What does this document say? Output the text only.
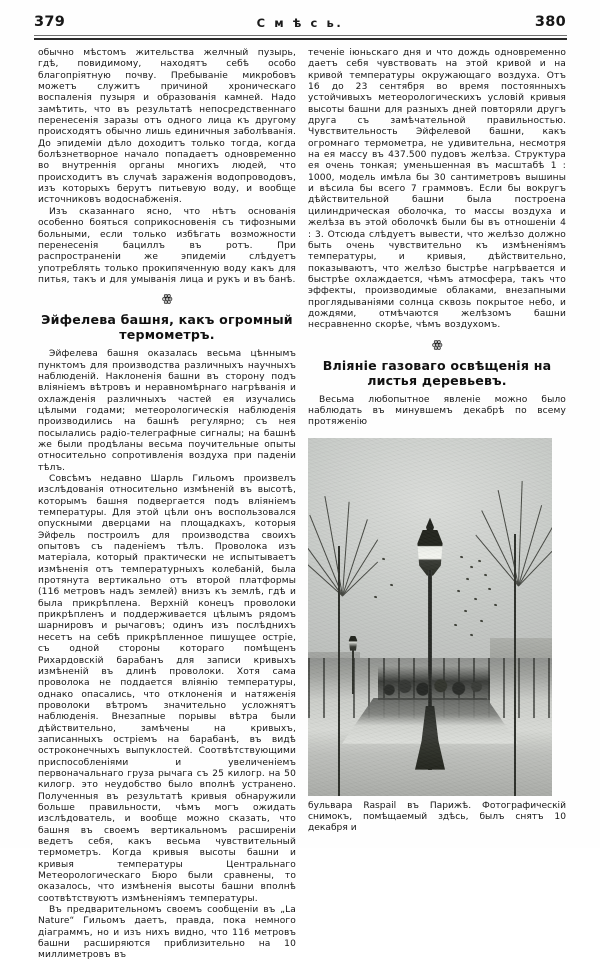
379	С м ѣ с ь.	380

обычно мѣстомъ жительства желчный пузырь, гдѣ, повидимому, находятъ себѣ особо благопріятную почву. Пребываніе микробовъ можетъ служитъ причиной хроническаго воспаленія пузыря и образованія камней. Надо замѣтить, что въ результатѣ непосредственнаго перенесенія заразы отъ одного лица къ другому происходятъ обычно лишь единичныя заболѣванія. До эпидеміи дѣло доходитъ только тогда, когда болѣзнетворное начало попадаетъ одновременно во внутреннія органы многихъ людей, что происходитъ въ случаѣ зараженія водопроводовъ, изъ которыхъ берутъ питьевую воду, и вообще источниковъ водоснабженія.

Изъ сказаннаго ясно, что нѣтъ основанія особенно бояться соприкосновенія съ тифозными больными, если только избѣгать возможности перенесенія бациллъ въ ротъ. При распространеніи же эпидеміи слѣдуетъ употреблять только прокипяченную воду какъ для питья, такъ и для умыванія лица и рукъ и въ банѣ.

ꙮ
Эйфелева башня, какъ огромный термометръ.

Эйфелева башня оказалась весьма цѣннымъ пунктомъ для производства различныхъ научныхъ наблюденій. Наклоненія башни въ сторону подъ вліяніемъ вѣтровъ и неравномѣрнаго нагрѣванія и охлажденія различныхъ частей ея изучались цѣлыми годами; метеорологическія наблюденія производились на башнѣ регулярно; съ нея посылались радіо-телеграфные сигналы; на башнѣ же были продѣланы весьма поучительные опыты относительно сопротивленія воздуха при паденіи тѣлъ.

Совсѣмъ недавно Шарль Гильомъ произвелъ изслѣдованія относительно измѣненій въ высотѣ, которымъ башня подвергается подъ вліяніемъ температуры. Для этой цѣли онъ воспользовался опускными дверцами на площадкахъ, которыя Эйфель построилъ для производства своихъ опытовъ съ паденіемъ тѣлъ. Проволока изъ матеріала, который практически не испытываетъ измѣненія отъ температурныхъ колебаній, была протянута вертикально отъ второй платформы (116 метровъ надъ землей) внизъ къ землѣ, гдѣ и была прикрѣплена. Верхній конецъ проволоки прикрѣпленъ и поддерживается цѣлымъ рядомъ шарнировъ и рычаговъ; одинъ изъ послѣднихъ несетъ на себѣ прикрѣпленное пишущее остріе, съ одной стороны котораго помѣщенъ Рихардовскій барабанъ для записи кривыхъ измѣненій въ длинѣ проволоки. Хотя сама проволока не поддается вліянію температуры, однако опасались, что отклоненія и натяженія проволоки вѣтромъ значительно усложнятъ наблюденія. Внезапные порывы вѣтра были дѣйствительно, замѣчены на кривыхъ, записанныхъ остріемъ на барабанѣ, въ видѣ остроконечныхъ выпуклостей. Соотвѣтствующими приспособленіями и увеличеніемъ первоначальнаго груза рычага съ 25 килогр. на 50 килогр. это неудобство было вполнѣ устранено. Полученныя въ результатѣ кривыя обнаружили больше правильности, чѣмъ могъ ожидать изслѣдователь, и вообще можно сказать, что башня въ своемъ вертикальномъ расширеніи ведетъ себя, какъ весьма чувствительный термометръ. Когда кривыя высоты башни и кривыя температуры Центральнаго Метеорологическаго Бюро были сравнены, то оказалось, что измѣненія высоты башни вполнѣ соотвѣтствуютъ измѣненіямъ температуры.

Въ предварительномъ своемъ сообщеніи въ „La Nature“ Гильомъ даетъ, правда, пока немного діаграммъ, но и изъ нихъ видно, что 116 метровъ башни расширяются приблизительно на 10 миллиметровъ въ

теченіе іюньскаго дня и что дождь одновременно даетъ себя чувствовать на этой кривой и на кривой температуры окружающаго воздуха. Отъ 16 до 23 сентября во время постоянныхъ устойчивыхъ метеорологическихъ условій кривыя высоты башни для разныхъ дней повторяли другъ друга съ замѣчательной правильностью. Чувствительность Эйфелевой башни, какъ огромнаго термометра, не удивительна, несмотря на ея массу въ 437.500 пудовъ желѣза. Структура ея очень тонкая; уменьшенная въ масштабѣ 1 : 1000, модель имѣла бы 30 сантиметровъ вышины и вѣсила бы всего 7 граммовъ. Если бы вокругъ дѣйствительной башни была построена цилиндрическая оболочка, то массы воздуха и желѣза въ этой оболочкѣ были бы въ отношеніи 4 : 3. Отсюда слѣдуетъ вывести, что желѣзо должно быть очень чувствительно къ измѣненіямъ температуры, и кривыя, дѣйствительно, показываютъ, что желѣзо быстрѣе нагрѣвается и быстрѣе охлаждается, чѣмъ атмосфера, такъ что эффекты, производимые облаками, внезапными проглядываніями солнца сквозь покрытое небо, и дождями, отмѣчаются желѣзомъ башни несравненно скорѣе, чѣмъ воздухомъ.

ꙮ
Вліяніе газоваго освѣщенія на листья деревьевъ.

Весьма любопытное явленіе можно было наблюдать въ минувшемъ декабрѣ по всему протяженію

бульвара Raspail въ Парижѣ. Фотографическій снимокъ, помѣщаемый здѣсь, былъ снятъ 10 декабря и
